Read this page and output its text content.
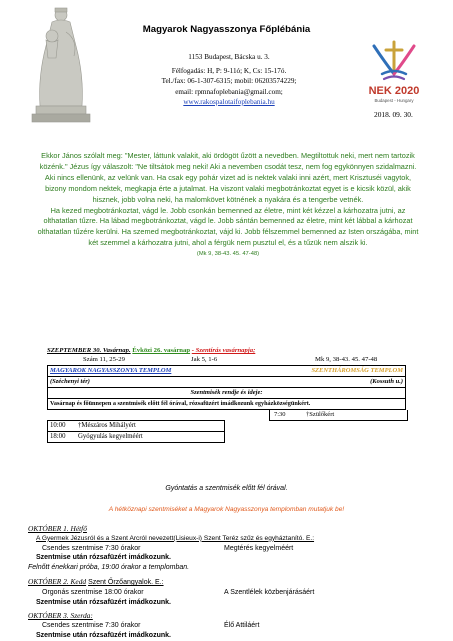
NEK 2020
Budapest - Hungary
Magyarok Nagyasszonya Főplébánia
1153 Budapest, Bácska u. 3.
Félfogadás: H, P: 9-11ó; K, Cs: 15-17ó.
Tel./fax: 06-1-307-6315; mobil: 06203574229;
email: rpmnafoplebania@gmail.com;
www.rakospalotaifoplebania.hu
2018. 09. 30.

Ekkor János szólalt meg: "Mester, láttunk valakit, aki ördögöt űzött a nevedben. Megtiltottuk neki, mert nem tartozik közénk." Jézus így válaszolt: "Ne tiltsátok meg neki! Aki a nevemben csodát tesz, nem fog egykönnyen szidalmazni. Aki nincs ellenünk, az velünk van. Ha csak egy pohár vizet ad is nektek valaki inni azért, mert Krisztuséi vagytok, bizony mondom nektek, megkapja érte a jutalmat. Ha viszont valaki megbotránkoztat egyet is e kicsik közül, akik hisznek, jobb volna neki, ha malomkövet kötnének a nyakára és a tengerbe vetnék.

Ha kezed megbotránkoztat, vágd le. Jobb csonkán bemenned az életre, mint két kézzel a kárhozatra jutni, az olthatatlan tűzre. Ha lábad megbotránkoztat, vágd le. Jobb sántán bemenned az életre, mint két lábbal a kárhozat olthatatlan tűzére kerülni. Ha szemed megbotránkoztat, vájd ki. Jobb félszemmel bemenned az Isten országába, mint két szemmel a kárhozatra jutni, ahol a férgük nem pusztul el, és a tűzük nem alszik ki.

(Mk 9, 38-43. 45. 47-48)

SZEPTEMBER 30. Vasárnap. Évközi 26. vasárnap - Szentírás vasárnapja;
Szám 11, 25-29	Jak 5, 1-6	Mk 9, 38-43. 45. 47-48
MAGYAROK NAGYASSZONYA TEMPLOM	SZENTHÁROMSÁG TEMPLOM
(Széchenyi tér)	(Kossuth u.)
Szentmisék rendje és ideje:	
Vasárnap és főünnepen a szentmisék előtt fél órával, rózsafüzért imádkozunk egyházközségünkért.	
7:30	†Szülőkért
10:00 †Mészáros Mihályért
18:00 Gyógyulás kegyelméért
Gyóntatás a szentmisék előtt fél órával.
A hétköznapi szentmiséket a Magyarok Nagyasszonya templomban mutatjuk be!
OKTÓBER 1. Hétfő
A Gyermek Jézusról és a Szent Arcról nevezett(Lisieux-i) Szent Teréz szűz és egyháztanító. E.:
Csendes szentmise 7:30 órakor	Megtérés kegyelméért
Szentmise után rózsafüzért imádkozunk.
Felnőtt énekkari próba, 19:00 órakor a templomban.
OKTÓBER 2. Kedd Szent Őrzőangyalok. E.:
Orgonás szentmise 18:00 órakor	A Szentlélek közbenjárásáért
Szentmise után rózsafüzért imádkozunk.
OKTÓBER 3. Szerda:
Csendes szentmise 7:30 órakor	Élő Attiláért
Szentmise után rózsafüzért imádkozunk.
